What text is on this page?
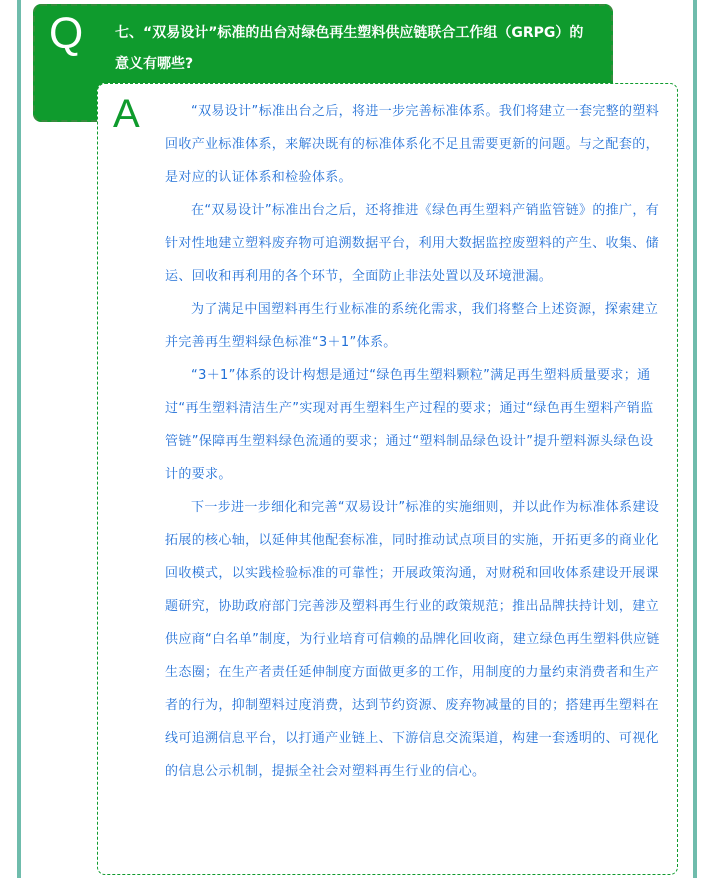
Q 七、“双易设计”标准的出台对绿色再生塑料供应链联合工作组（GRPG）的意义有哪些?
A	“双易设计”标准出台之后，将进一步完善标准体系。我们将建立一套完整的塑料回收产业标准体系，来解决既有的标准体系化不足且需要更新的问题。与之配套的，是对应的认证体系和检验体系。

在“双易设计”标准出台之后，还将推进《绿色再生塑料产销监管链》的推广，有针对性地建立塑料废弃物可追溯数据平台，利用大数据监控废塑料的产生、收集、储运、回收和再利用的各个环节，全面防止非法处置以及环境泄漏。

为了满足中国塑料再生行业标准的系统化需求，我们将整合上述资源，探索建立并完善再生塑料绿色标准“3＋1”体系。

“3＋1”体系的设计构想是通过“绿色再生塑料颗粒”满足再生塑料质量要求；通过“再生塑料清洁生产”实现对再生塑料生产过程的要求；通过“绿色再生塑料产销监管链”保障再生塑料绿色流通的要求；通过“塑料制品绿色设计”提升塑料源头绿色设计的要求。

下一步进一步细化和完善“双易设计”标准的实施细则，并以此作为标准体系建设拓展的核心轴，以延伸其他配套标准，同时推动试点项目的实施，开拓更多的商业化回收模式，以实践检验标准的可靠性；开展政策沟通，对财税和回收体系建设开展课题研究，协助政府部门完善涉及塑料再生行业的政策规范；推出品牌扶持计划，建立供应商“白名单”制度，为行业培育可信赖的品牌化回收商，建立绿色再生塑料供应链生态圈；在生产者责任延伸制度方面做更多的工作，用制度的力量约束消费者和生产者的行为，抑制塑料过度消费，达到节约资源、废弃物减量的目的；搭建再生塑料在线可追溯信息平台，以打通产业链上、下游信息交流渠道，构建一套透明的、可视化的信息公示机制，提振全社会对塑料再生行业的信心。
